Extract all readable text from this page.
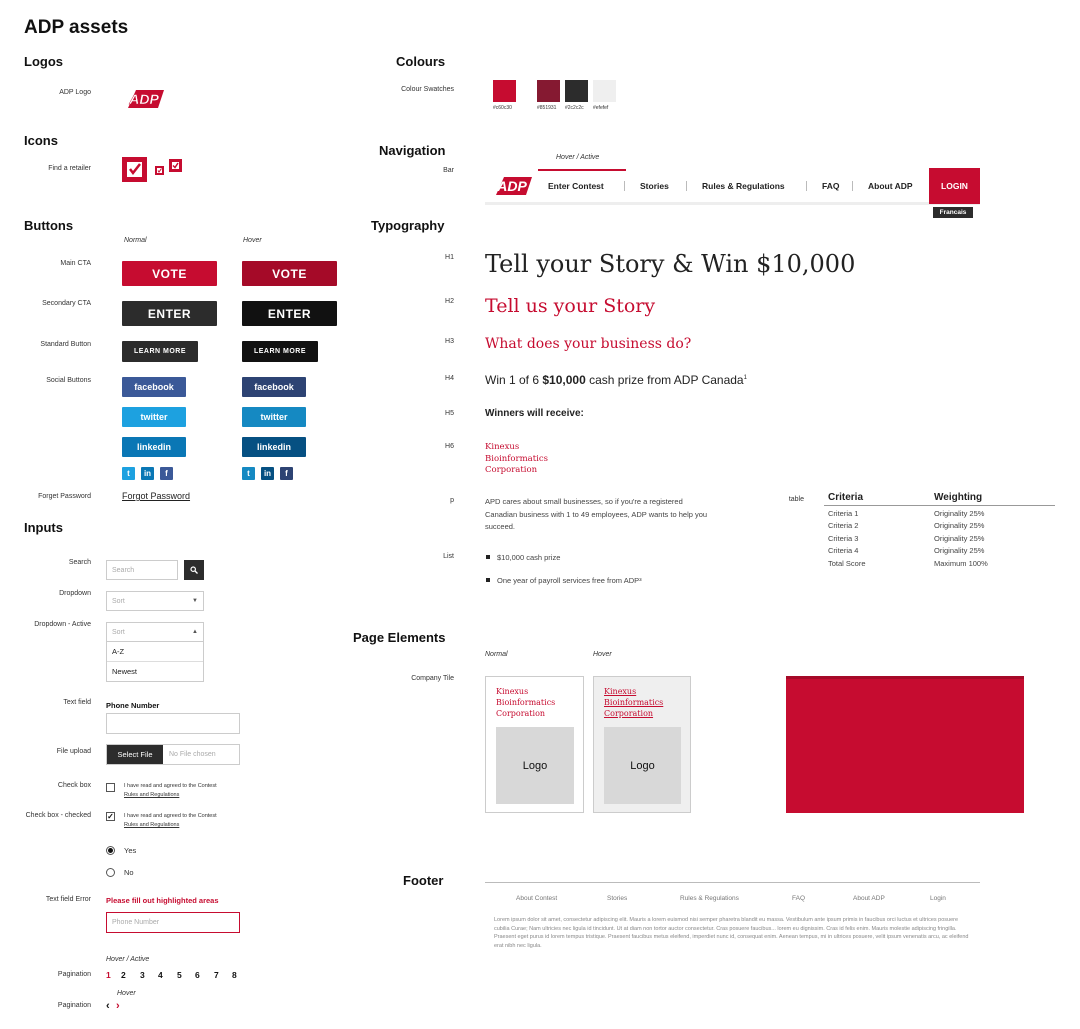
ADP assets
Logos
ADP Logo	ADP
Colours
Colour Swatches
#c60c30	#851931 #2c2c2c #efefef
Icons
Find a retailer
Navigation
Bar
Hover / Active
ADP Enter Contest	Stories	Rules & Regulations	FAQ	About ADP	LOGIN
Francais
Buttons
Normal	Hover
Main CTA
VOTE	VOTE
Secondary CTA
ENTER	ENTER
Standard Button
LEARN MORE	LEARN MORE
Social Buttons
facebook	facebook
twitter	twitter
linkedin	linkedin
t	in	f	t	in	f
Forget Password	Forgot Password
Inputs
Search
Search
Dropdown
Sort	▼
Dropdown - Active
Sort	▲
A-Z
Newest
Text field Phone Number
File upload	Select File	No File chosen
Check box	I have read and agreed to the Contest
Rules and Regulations
Check box - checked ✓ I have read and agreed to the Contest
Rules and Regulations
Yes
No
Text field Error Please fill out highlighted areas
Phone Number
Hover / Active
Pagination 1 2 3 4 5 6 7 8
Hover
Pagination ‹ ›
Typography
H1 Tell your Story & Win $10,000
H2 Tell us your Story
H3 What does your business do?
H4	Win 1 of 6 $10,000 cash prize from ADP Canada$^1$
H5	Winners will receive:
H6	Kinexus
Bioinformatics
Corporation
p	APD cares about small businesses, so if you're a registered Canadian business with 1 to 49 employees, ADP wants to help you succeed.
List	$10,000 cash prize
One year of payroll services free from ADP³
table	Criteria	Weighting
Criteria 1	Originality 25%
Criteria 2	Originality 25%
Criteria 3	Originality 25%
Criteria 4	Originality 25%
Total Score	Maximum 100%
Page Elements
Normal	Hover
Company Tile
Kinexus
Bioinformatics
Corporation
Logo
Kinexus
Bioinformatics
Corporation
Logo
Footer
About Contest	Stories	Rules & Regulations	FAQ	About ADP	Login
Lorem ipsum dolor sit amet, consectetur adipiscing elit. Mauris a lorem euismod nisi semper pharetra blandit eu massa. Vestibulum ante ipsum primis in faucibus orci luctus et ultrices posuere cubilia Curae; Nam ultricies nec ligula id tincidunt. Ut at diam non tortor auctor consectetur. Cras posuere faucibus... lorem eu dignissim. Cras id felis enim. Mauris molestie adipiscing fringilla. Praesent eget purus id lorem tempus tristique. Praesent faucibus metus eleifend, imperdiet nunc id, consequat enim. Aenean tempus, mi in ultrices posuere, velit ipsum venenatis arcu, ac eleifend erat nibh nec ligula.
